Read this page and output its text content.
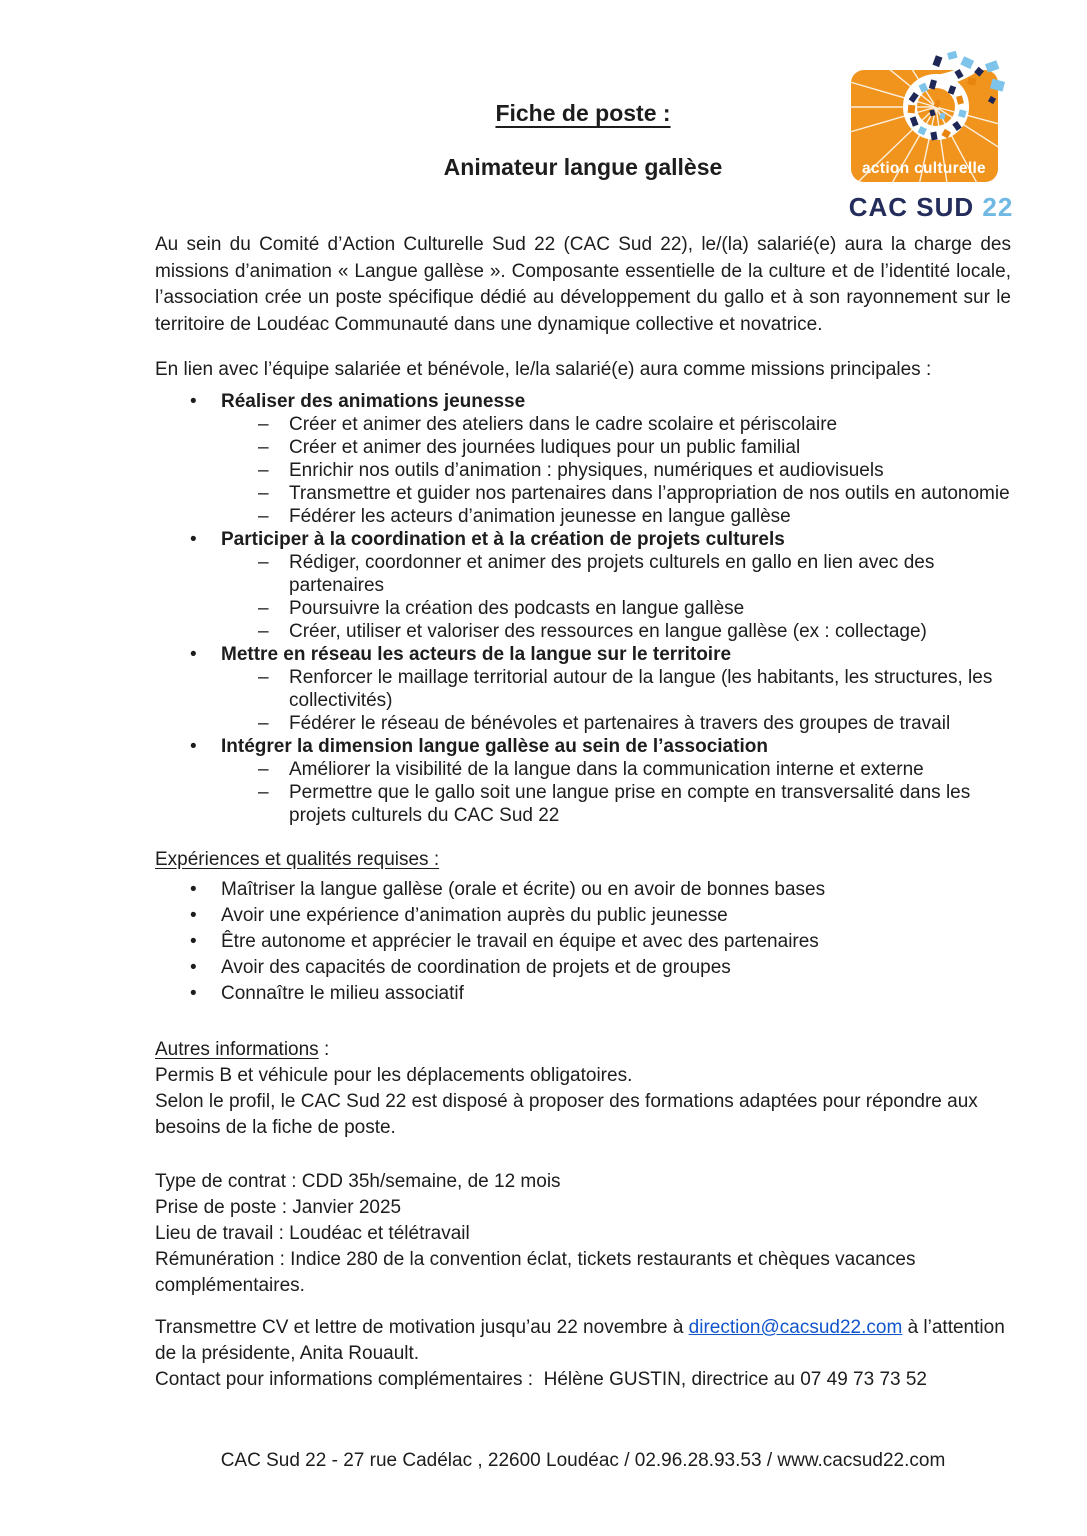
action culturelle
CAC SUD 22
Fiche de poste :
Animateur langue gallèse

Au sein du Comité d’Action Culturelle Sud 22 (CAC Sud 22), le/(la) salarié(e) aura la charge des missions d’animation « Langue gallèse ». Composante essentielle de la culture et de l’identité locale, l’association crée un poste spécifique dédié au développement du gallo et à son rayonnement sur le territoire de Loudéac Communauté dans une dynamique collective et novatrice.

En lien avec l’équipe salariée et bénévole, le/la salarié(e) aura comme missions principales :

•	Réaliser des animations jeunesse
–	Créer et animer des ateliers dans le cadre scolaire et périscolaire
–	Créer et animer des journées ludiques pour un public familial
–	Enrichir nos outils d’animation : physiques, numériques et audiovisuels
–	Transmettre et guider nos partenaires dans l’appropriation de nos outils en autonomie
–	Fédérer les acteurs d’animation jeunesse en langue gallèse
•	Participer à la coordination et à la création de projets culturels
–	Rédiger, coordonner et animer des projets culturels en gallo en lien avec des partenaires
–	Poursuivre la création des podcasts en langue gallèse
–	Créer, utiliser et valoriser des ressources en langue gallèse (ex : collectage)
•	Mettre en réseau les acteurs de la langue sur le territoire
–	Renforcer le maillage territorial autour de la langue (les habitants, les structures, les collectivités)
–	Fédérer le réseau de bénévoles et partenaires à travers des groupes de travail
•	Intégrer la dimension langue gallèse au sein de l’association
–	Améliorer la visibilité de la langue dans la communication interne et externe
–	Permettre que le gallo soit une langue prise en compte en transversalité dans les projets culturels du CAC Sud 22

Expériences et qualités requises :

•	Maîtriser la langue gallèse (orale et écrite) ou en avoir de bonnes bases
•	Avoir une expérience d’animation auprès du public jeunesse
•	Être autonome et apprécier le travail en équipe et avec des partenaires
•	Avoir des capacités de coordination de projets et de groupes
•	Connaître le milieu associatif

Autres informations :

Permis B et véhicule pour les déplacements obligatoires.

Selon le profil, le CAC Sud 22 est disposé à proposer des formations adaptées pour répondre aux besoins de la fiche de poste.

Type de contrat : CDD 35h/semaine, de 12 mois

Prise de poste : Janvier 2025

Lieu de travail : Loudéac et télétravail

Rémunération : Indice 280 de la convention éclat, tickets restaurants et chèques vacances complémentaires.

Transmettre CV et lettre de motivation jusqu’au 22 novembre à direction@cacsud22.com à l’attention de la présidente, Anita Rouault.

Contact pour informations complémentaires :  Hélène GUSTIN, directrice au 07 49 73 73 52

CAC Sud 22 - 27 rue Cadélac , 22600 Loudéac / 02.96.28.93.53 / www.cacsud22.com
